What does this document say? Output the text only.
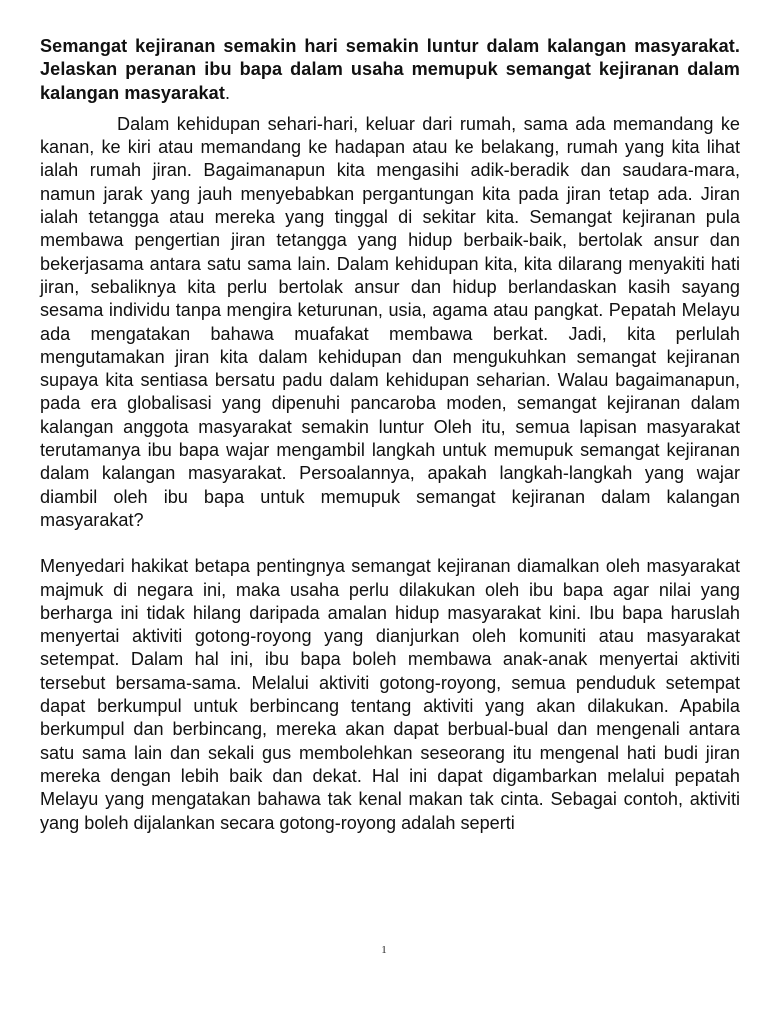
Semangat kejiranan semakin hari semakin luntur dalam kalangan masyarakat. Jelaskan peranan ibu bapa dalam usaha memupuk semangat kejiranan dalam kalangan masyarakat.

Dalam kehidupan sehari-hari, keluar dari rumah, sama ada memandang ke kanan, ke kiri atau memandang ke hadapan atau ke belakang, rumah yang kita lihat ialah rumah jiran. Bagaimanapun kita mengasihi adik-beradik dan saudara-mara, namun jarak yang jauh menyebabkan pergantungan kita pada jiran tetap ada. Jiran ialah tetangga atau mereka yang tinggal di sekitar kita. Semangat kejiranan pula membawa pengertian jiran tetangga yang hidup berbaik-baik, bertolak ansur dan bekerjasama antara satu sama lain. Dalam kehidupan kita, kita dilarang menyakiti hati jiran, sebaliknya kita perlu bertolak ansur dan hidup berlandaskan kasih sayang sesama individu tanpa mengira keturunan, usia, agama atau pangkat. Pepatah Melayu ada mengatakan bahawa muafakat membawa berkat. Jadi, kita perlulah mengutamakan jiran kita dalam kehidupan dan mengukuhkan semangat kejiranan supaya kita sentiasa bersatu padu dalam kehidupan seharian. Walau bagaimanapun, pada era globalisasi yang dipenuhi pancaroba moden, semangat kejiranan dalam kalangan anggota masyarakat semakin luntur Oleh itu, semua lapisan masyarakat terutamanya ibu bapa wajar mengambil langkah untuk memupuk semangat kejiranan dalam kalangan masyarakat. Persoalannya, apakah langkah-langkah yang wajar diambil oleh ibu bapa untuk memupuk semangat kejiranan dalam kalangan masyarakat?

Menyedari hakikat betapa pentingnya semangat kejiranan diamalkan oleh masyarakat majmuk di negara ini, maka usaha perlu dilakukan oleh ibu bapa agar nilai yang berharga ini tidak hilang daripada amalan hidup masyarakat kini. Ibu bapa haruslah menyertai aktiviti gotong-royong yang dianjurkan oleh komuniti atau masyarakat setempat. Dalam hal ini, ibu bapa boleh membawa anak-anak menyertai aktiviti tersebut bersama-sama. Melalui aktiviti gotong-royong, semua penduduk setempat dapat berkumpul untuk berbincang tentang aktiviti yang akan dilakukan. Apabila berkumpul dan berbincang, mereka akan dapat berbual-bual dan mengenali antara satu sama lain dan sekali gus membolehkan seseorang itu mengenal hati budi jiran mereka dengan lebih baik dan dekat. Hal ini dapat digambarkan melalui pepatah Melayu yang mengatakan bahawa tak kenal makan tak cinta. Sebagai contoh, aktiviti yang boleh dijalankan secara gotong-royong adalah seperti

1
